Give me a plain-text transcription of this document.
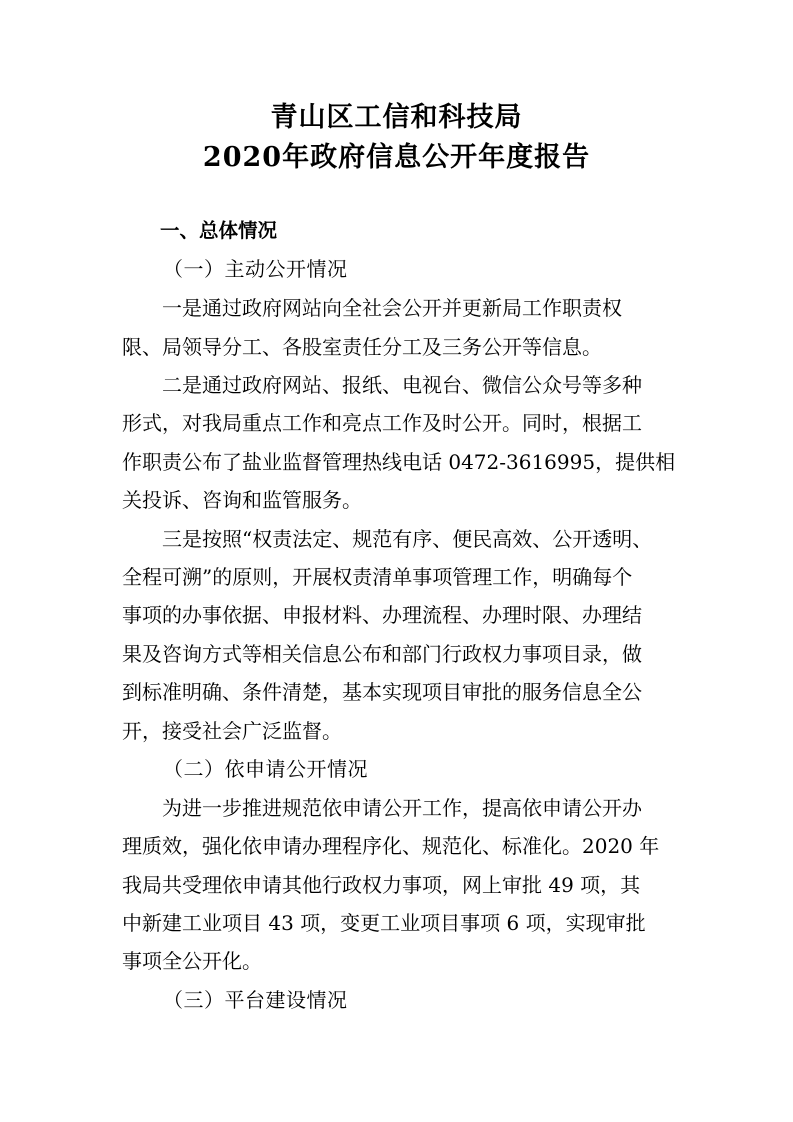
青山区工信和科技局
2020年政府信息公开年度报告
一、总体情况
（一）主动公开情况
一是通过政府网站向全社会公开并更新局工作职责权
限、局领导分工、各股室责任分工及三务公开等信息。
二是通过政府网站、报纸、电视台、微信公众号等多种
形式，对我局重点工作和亮点工作及时公开。同时，根据工
作职责公布了盐业监督管理热线电话 0472-3616995，提供相
关投诉、咨询和监管服务。
三是按照“权责法定、规范有序、便民高效、公开透明、
全程可溯”的原则，开展权责清单事项管理工作，明确每个
事项的办事依据、申报材料、办理流程、办理时限、办理结
果及咨询方式等相关信息公布和部门行政权力事项目录，做
到标准明确、条件清楚，基本实现项目审批的服务信息全公
开，接受社会广泛监督。
（二）依申请公开情况
为进一步推进规范依申请公开工作，提高依申请公开办
理质效，强化依申请办理程序化、规范化、标准化。2020 年
我局共受理依申请其他行政权力事项，网上审批 49 项，其
中新建工业项目 43 项，变更工业项目事项 6 项，实现审批
事项全公开化。
（三）平台建设情况
